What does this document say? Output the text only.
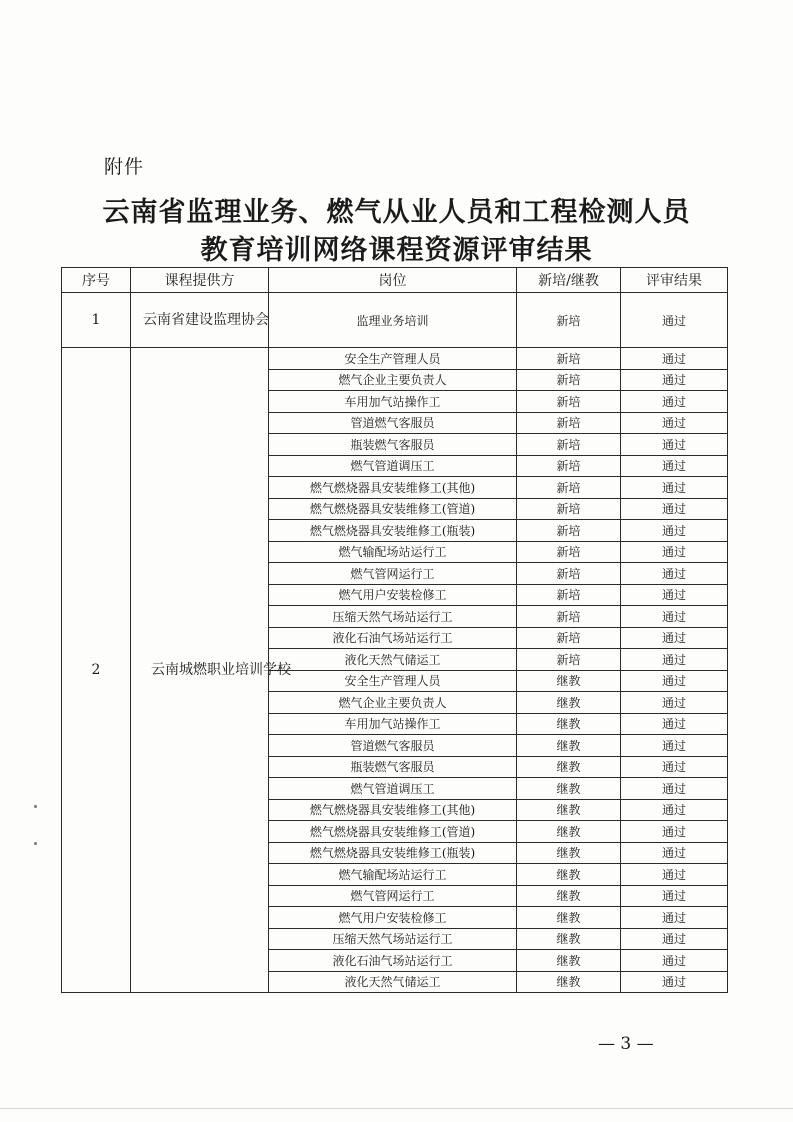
附件
云南省监理业务、燃气从业人员和工程检测人员
教育培训网络课程资源评审结果
序号	课程提供方	岗位	新培/继教	评审结果
1	云南省建设监理协会	监理业务培训	新培	通过
2	云南城燃职业培训学校	安全生产管理人员	新培	通过
		燃气企业主要负责人	新培	通过
		车用加气站操作工	新培	通过
		管道燃气客服员	新培	通过
		瓶装燃气客服员	新培	通过
		燃气管道调压工	新培	通过
		燃气燃烧器具安装维修工(其他)	新培	通过
		燃气燃烧器具安装维修工(管道)	新培	通过
		燃气燃烧器具安装维修工(瓶装)	新培	通过
		燃气输配场站运行工	新培	通过
		燃气管网运行工	新培	通过
		燃气用户安装检修工	新培	通过
		压缩天然气场站运行工	新培	通过
		液化石油气场站运行工	新培	通过
		液化天然气储运工	新培	通过
		安全生产管理人员	继教	通过
		燃气企业主要负责人	继教	通过
		车用加气站操作工	继教	通过
		管道燃气客服员	继教	通过
		瓶装燃气客服员	继教	通过
		燃气管道调压工	继教	通过
		燃气燃烧器具安装维修工(其他)	继教	通过
		燃气燃烧器具安装维修工(管道)	继教	通过
		燃气燃烧器具安装维修工(瓶装)	继教	通过
		燃气输配场站运行工	继教	通过
		燃气管网运行工	继教	通过
		燃气用户安装检修工	继教	通过
		压缩天然气场站运行工	继教	通过
		液化石油气场站运行工	继教	通过
		液化天然气储运工	继教	通过
— 3 —
